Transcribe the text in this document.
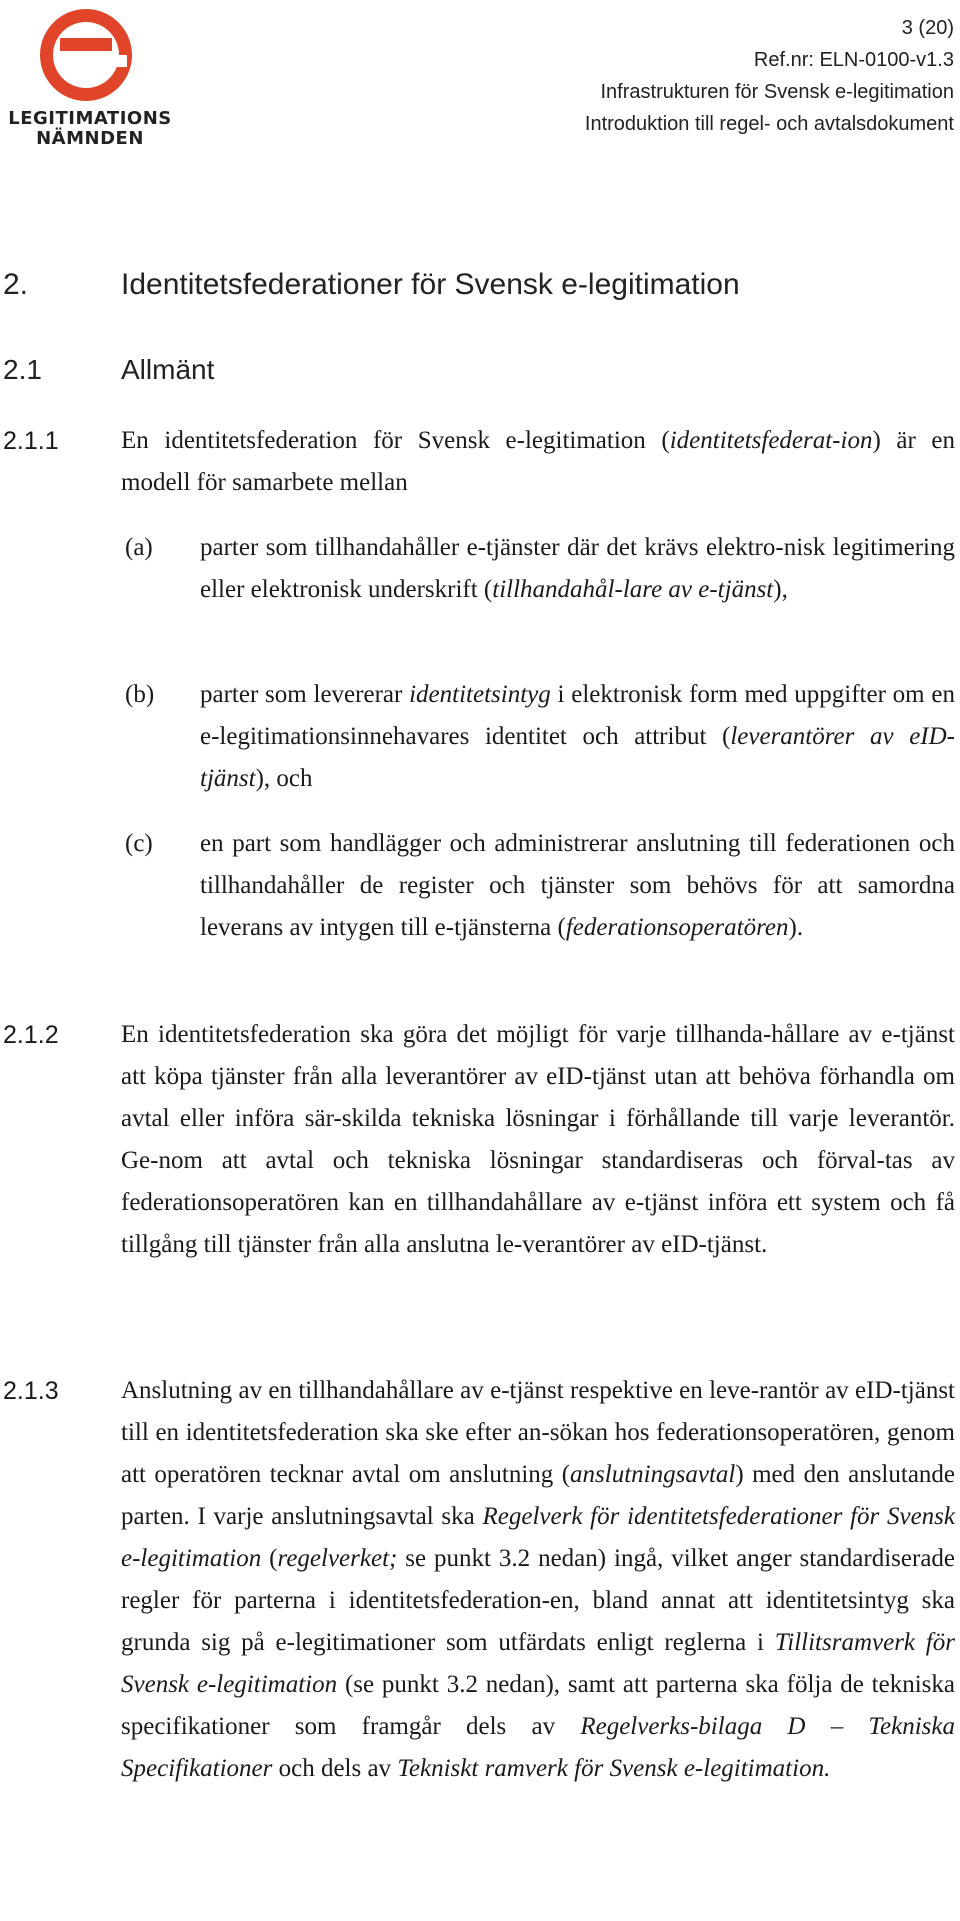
LEGITIMATIONS
NÄMNDEN
3 (20)
Ref.nr: ELN-0100-v1.3
Infrastrukturen för Svensk e-legitimation
Introduktion till regel- och avtalsdokument
2.	Identitetsfederationer för Svensk e-legitimation
2.1	Allmänt
2.1.1 En identitetsfederation för Svensk e-legitimation (identitetsfederat-ion) är en modell för samarbete mellan
(a) parter som tillhandahåller e-tjänster där det krävs elektro-nisk legitimering eller elektronisk underskrift (tillhandahål-lare av e-tjänst),
(b) parter som levererar identitetsintyg i elektronisk form med uppgifter om en e-legitimationsinnehavares identitet och attribut (leverantörer av eID-tjänst), och
(c) en part som handlägger och administrerar anslutning till federationen och tillhandahåller de register och tjänster som behövs för att samordna leverans av intygen till e-tjänsterna (federationsoperatören).
2.1.2 En identitetsfederation ska göra det möjligt för varje tillhanda-hållare av e-tjänst att köpa tjänster från alla leverantörer av eID-tjänst utan att behöva förhandla om avtal eller införa sär-skilda tekniska lösningar i förhållande till varje leverantör. Ge-nom att avtal och tekniska lösningar standardiseras och förval-tas av federationsoperatören kan en tillhandahållare av e-tjänst införa ett system och få tillgång till tjänster från alla anslutna le-verantörer av eID-tjänst.
2.1.3 Anslutning av en tillhandahållare av e-tjänst respektive en leve-rantör av eID-tjänst till en identitetsfederation ska ske efter an-sökan hos federationsoperatören, genom att operatören tecknar avtal om anslutning (anslutningsavtal) med den anslutande parten. I varje anslutningsavtal ska Regelverk för identitetsfederationer för Svensk e-legitimation (regelverket; se punkt 3.2 nedan) ingå, vilket anger standardiserade regler för parterna i identitetsfederation-en, bland annat att identitetsintyg ska grunda sig på e-legitimationer som utfärdats enligt reglerna i Tillitsramverk för Svensk e-legitimation (se punkt 3.2 nedan), samt att parterna ska följa de tekniska specifikationer som framgår dels av Regelverks-bilaga D – Tekniska Specifikationer och dels av Tekniskt ramverk för Svensk e-legitimation.
